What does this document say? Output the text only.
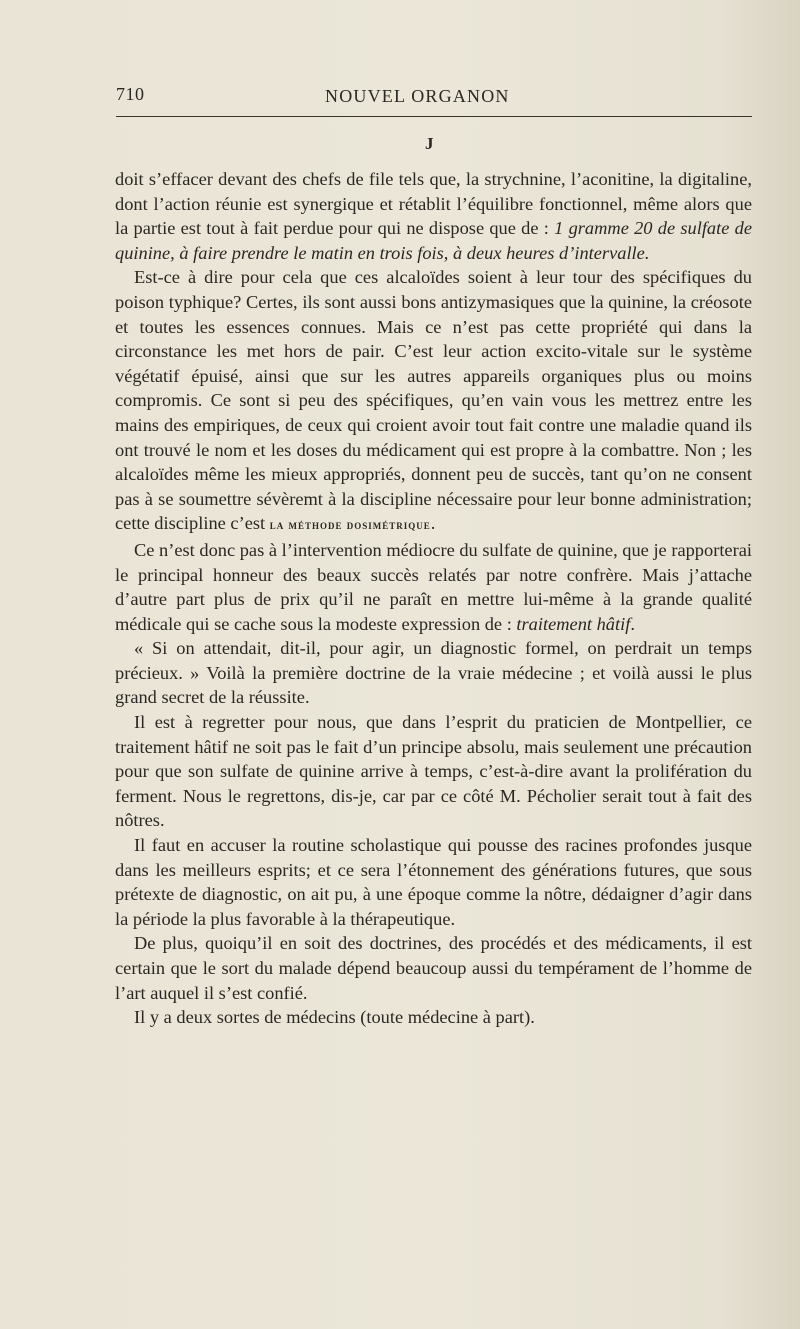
710	NOUVEL ORGANON
J

doit s’effacer devant des chefs de file tels que, la strychnine, l’aconitine, la digitaline, dont l’action réunie est synergique et rétablit l’équilibre fonctionnel, même alors que la partie est tout à fait perdue pour qui ne dispose que de : 1 gramme 20 de sulfate de quinine, à faire prendre le matin en trois fois, à deux heures d’intervalle.

Est-ce à dire pour cela que ces alcaloïdes soient à leur tour des spécifiques du poison typhique? Certes, ils sont aussi bons antizymasiques que la quinine, la créosote et toutes les essences connues. Mais ce n’est pas cette propriété qui dans la circonstance les met hors de pair. C’est leur action excito-vitale sur le système végétatif épuisé, ainsi que sur les autres appareils organiques plus ou moins compromis. Ce sont si peu des spécifiques, qu’en vain vous les mettrez entre les mains des empiriques, de ceux qui croient avoir tout fait contre une maladie quand ils ont trouvé le nom et les doses du médicament qui est propre à la combattre. Non ; les alcaloïdes même les mieux appropriés, donnent peu de succès, tant qu’on ne consent pas à se soumettre sévèremt à la discipline nécessaire pour leur bonne administration; cette discipline c’est la méthode dosimétrique.

Ce n’est donc pas à l’intervention médiocre du sulfate de quinine, que je rapporterai le principal honneur des beaux succès relatés par notre confrère. Mais j’attache d’autre part plus de prix qu’il ne paraît en mettre lui-même à la grande qualité médicale qui se cache sous la modeste expression de : traitement hâtif.

« Si on attendait, dit-il, pour agir, un diagnostic formel, on perdrait un temps précieux. » Voilà la première doctrine de la vraie médecine ; et voilà aussi le plus grand secret de la réussite.

Il est à regretter pour nous, que dans l’esprit du praticien de Montpellier, ce traitement hâtif ne soit pas le fait d’un principe absolu, mais seulement une précaution pour que son sulfate de quinine arrive à temps, c’est-à-dire avant la prolifération du ferment. Nous le regrettons, dis-je, car par ce côté M. Pécholier serait tout à fait des nôtres.

Il faut en accuser la routine scholastique qui pousse des racines profondes jusque dans les meilleurs esprits; et ce sera l’étonnement des générations futures, que sous prétexte de diagnostic, on ait pu, à une époque comme la nôtre, dédaigner d’agir dans la période la plus favorable à la thérapeutique.

De plus, quoiqu’il en soit des doctrines, des procédés et des médicaments, il est certain que le sort du malade dépend beaucoup aussi du tempérament de l’homme de l’art auquel il s’est confié.

Il y a deux sortes de médecins (toute médecine à part).
